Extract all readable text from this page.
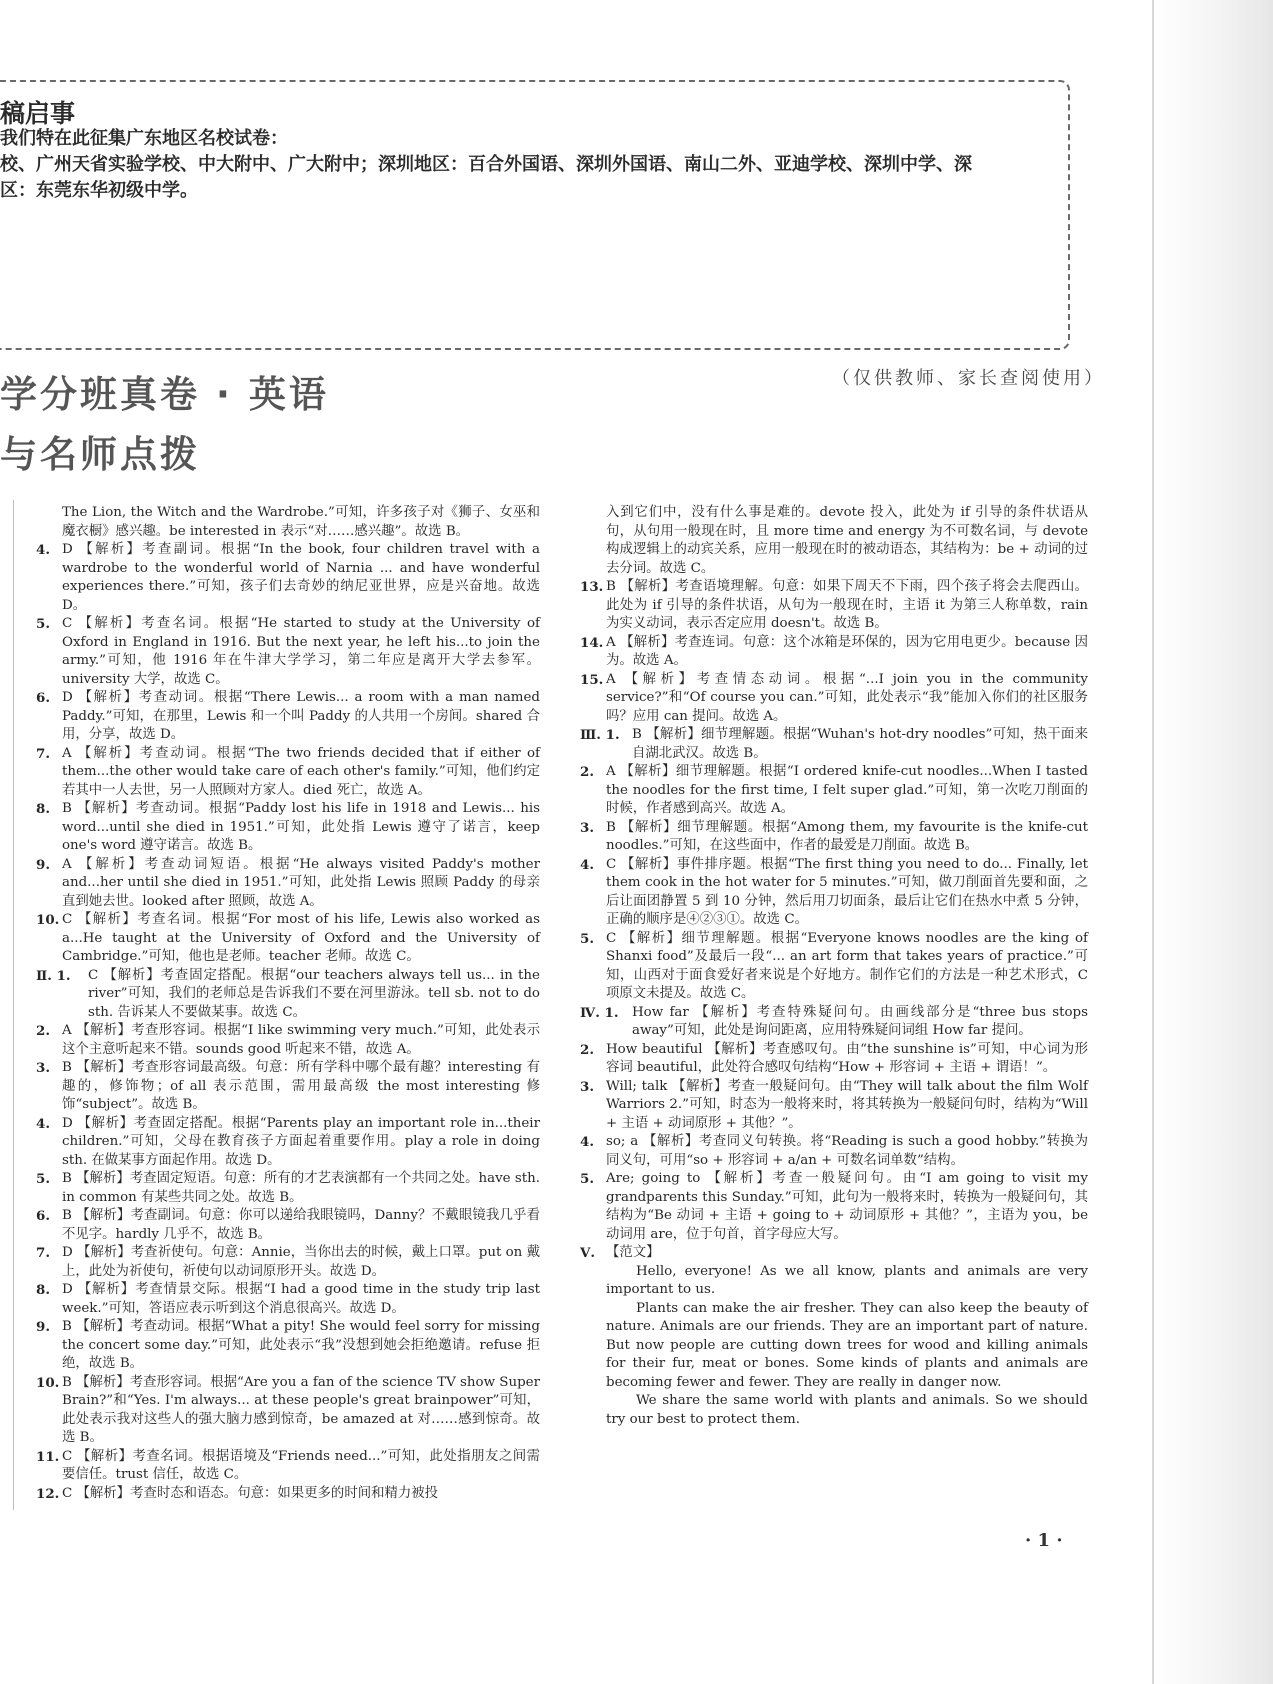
稿启事
我们特在此征集广东地区名校试卷：
校、广州天省实验学校、中大附中、广大附中；深圳地区：百合外国语、深圳外国语、南山二外、亚迪学校、深圳中学、深
区：东莞东华初级中学。
学分班真卷 · 英语
与名师点拨
（仅供教师、家长查阅使用）
The Lion, the Witch and the Wardrobe.”可知，许多孩子对《狮子、女巫和魔衣橱》感兴趣。be interested in 表示“对……感兴趣”。故选 B。
4. D 【解析】考查副词。根据“In the book, four children travel with a wardrobe to the wonderful world of Narnia ... and have wonderful experiences there.”可知，孩子们去奇妙的纳尼亚世界，应是兴奋地。故选 D。
5. C 【解析】考查名词。根据“He started to study at the University of Oxford in England in 1916. But the next year, he left his...to join the army.”可知，他 1916 年在牛津大学学习，第二年应是离开大学去参军。university 大学，故选 C。
6. D 【解析】考查动词。根据“There Lewis... a room with a man named Paddy.”可知，在那里，Lewis 和一个叫 Paddy 的人共用一个房间。shared 合用，分享，故选 D。
7. A 【解析】考查动词。根据“The two friends decided that if either of them...the other would take care of each other's family.”可知，他们约定若其中一人去世，另一人照顾对方家人。died 死亡，故选 A。
8. B 【解析】考查动词。根据“Paddy lost his life in 1918 and Lewis... his word...until she died in 1951.”可知，此处指 Lewis 遵守了诺言，keep one's word 遵守诺言。故选 B。
9. A 【解析】考查动词短语。根据“He always visited Paddy's mother and...her until she died in 1951.”可知，此处指 Lewis 照顾 Paddy 的母亲直到她去世。looked after 照顾，故选 A。
10. C 【解析】考查名词。根据“For most of his life, Lewis also worked as a...He taught at the University of Oxford and the University of Cambridge.”可知，他也是老师。teacher 老师。故选 C。
Ⅱ. 1. C 【解析】考查固定搭配。根据“our teachers always tell us... in the river”可知，我们的老师总是告诉我们不要在河里游泳。tell sb. not to do sth. 告诉某人不要做某事。故选 C。
2. A 【解析】考查形容词。根据“I like swimming very much.”可知，此处表示这个主意听起来不错。sounds good 听起来不错，故选 A。
3. B 【解析】考查形容词最高级。句意：所有学科中哪个最有趣？interesting 有趣的，修饰物；of all 表示范围，需用最高级 the most interesting 修饰“subject”。故选 B。
4. D 【解析】考查固定搭配。根据“Parents play an important role in...their children.”可知，父母在教育孩子方面起着重要作用。play a role in doing sth. 在做某事方面起作用。故选 D。
5. B 【解析】考查固定短语。句意：所有的才艺表演都有一个共同之处。have sth. in common 有某些共同之处。故选 B。
6. B 【解析】考查副词。句意：你可以递给我眼镜吗，Danny？不戴眼镜我几乎看不见字。hardly 几乎不，故选 B。
7. D 【解析】考查祈使句。句意：Annie，当你出去的时候，戴上口罩。put on 戴上，此处为祈使句，祈使句以动词原形开头。故选 D。
8. D 【解析】考查情景交际。根据“I had a good time in the study trip last week.”可知，答语应表示听到这个消息很高兴。故选 D。
9. B 【解析】考查动词。根据“What a pity! She would feel sorry for missing the concert some day.”可知，此处表示“我”没想到她会拒绝邀请。refuse 拒绝，故选 B。
10. B 【解析】考查形容词。根据“Are you a fan of the science TV show Super Brain?”和“Yes. I'm always... at these people's great brainpower”可知，此处表示我对这些人的强大脑力感到惊奇，be amazed at 对……感到惊奇。故选 B。
11. C 【解析】考查名词。根据语境及“Friends need...”可知，此处指朋友之间需要信任。trust 信任，故选 C。
12. C 【解析】考查时态和语态。句意：如果更多的时间和精力被投
入到它们中，没有什么事是难的。devote 投入，此处为 if 引导的条件状语从句，从句用一般现在时，且 more time and energy 为不可数名词，与 devote 构成逻辑上的动宾关系，应用一般现在时的被动语态，其结构为：be + 动词的过去分词。故选 C。
13. B 【解析】考查语境理解。句意：如果下周天不下雨，四个孩子将会去爬西山。此处为 if 引导的条件状语，从句为一般现在时，主语 it 为第三人称单数，rain 为实义动词，表示否定应用 doesn't。故选 B。
14. A 【解析】考查连词。句意：这个冰箱是环保的，因为它用电更少。because 因为。故选 A。
15. A 【解析】考查情态动词。根据“...I join you in the community service?”和“Of course you can.”可知，此处表示“我”能加入你们的社区服务吗？应用 can 提问。故选 A。
Ⅲ. 1. B 【解析】细节理解题。根据“Wuhan's hot-dry noodles”可知，热干面来自湖北武汉。故选 B。
2. A 【解析】细节理解题。根据“I ordered knife-cut noodles...When I tasted the noodles for the first time, I felt super glad.”可知，第一次吃刀削面的时候，作者感到高兴。故选 A。
3. B 【解析】细节理解题。根据“Among them, my favourite is the knife-cut noodles.”可知，在这些面中，作者的最爱是刀削面。故选 B。
4. C 【解析】事件排序题。根据“The first thing you need to do... Finally, let them cook in the hot water for 5 minutes.”可知，做刀削面首先要和面，之后让面团静置 5 到 10 分钟，然后用刀切面条，最后让它们在热水中煮 5 分钟，正确的顺序是④②③①。故选 C。
5. C 【解析】细节理解题。根据“Everyone knows noodles are the king of Shanxi food”及最后一段“... an art form that takes years of practice.”可知，山西对于面食爱好者来说是个好地方。制作它们的方法是一种艺术形式，C 项原文未提及。故选 C。
Ⅳ. 1. How far 【解析】考查特殊疑问句。由画线部分是“three bus stops away”可知，此处是询问距离，应用特殊疑问词组 How far 提问。
2. How beautiful 【解析】考查感叹句。由“the sunshine is”可知，中心词为形容词 beautiful，此处符合感叹句结构“How + 形容词 + 主语 + 谓语！”。
3. Will; talk 【解析】考查一般疑问句。由“They will talk about the film Wolf Warriors 2.”可知，时态为一般将来时，将其转换为一般疑问句时，结构为“Will + 主语 + 动词原形 + 其他？”。
4. so; a 【解析】考查同义句转换。将“Reading is such a good hobby.”转换为同义句，可用“so + 形容词 + a/an + 可数名词单数”结构。
5. Are; going to 【解析】考查一般疑问句。由“I am going to visit my grandparents this Sunday.”可知，此句为一般将来时，转换为一般疑问句，其结构为“Be 动词 + 主语 + going to + 动词原形 + 其他？”，主语为 you，be 动词用 are，位于句首，首字母应大写。
Ⅴ. 【范文】

Hello, everyone! As we all know, plants and animals are very important to us.

Plants can make the air fresher. They can also keep the beauty of nature. Animals are our friends. They are an important part of nature. But now people are cutting down trees for wood and killing animals for their fur, meat or bones. Some kinds of plants and animals are becoming fewer and fewer. They are really in danger now.

We share the same world with plants and animals. So we should try our best to protect them.

· 1 ·
